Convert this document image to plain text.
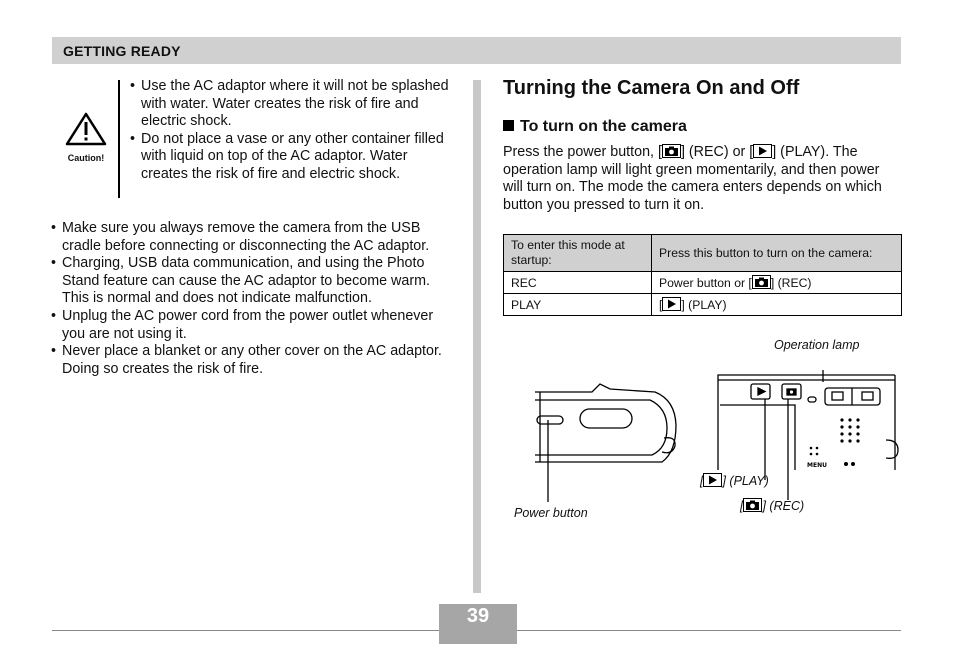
GETTING READY
Caution!
• Use the AC adaptor where it will not be splashed with water. Water creates the risk of fire and electric shock.
• Do not place a vase or any other container filled with liquid on top of the AC adaptor. Water creates the risk of fire and electric shock.
• Make sure you always remove the camera from the USB cradle before connecting or disconnecting the AC adaptor.
• Charging, USB data communication, and using the Photo Stand feature can cause the AC adaptor to become warm. This is normal and does not indicate malfunction.
• Unplug the AC power cord from the power outlet whenever you are not using it.
• Never place a blanket or any other cover on the AC adaptor. Doing so creates the risk of fire.
Turning the Camera On and Off
To turn on the camera
Press the power button, [ ] (REC) or [ ] (PLAY). The operation lamp will light green momentarily, and then power will turn on. The mode the camera enters depends on which button you pressed to turn it on.
To enter this mode at startup:	Press this button to turn on the camera:
REC	Power button or [ ] (REC)
PLAY	[ ] (PLAY)
MENU
Operation lamp
[ ] (PLAY)
[ ] (REC)
Power button
39
